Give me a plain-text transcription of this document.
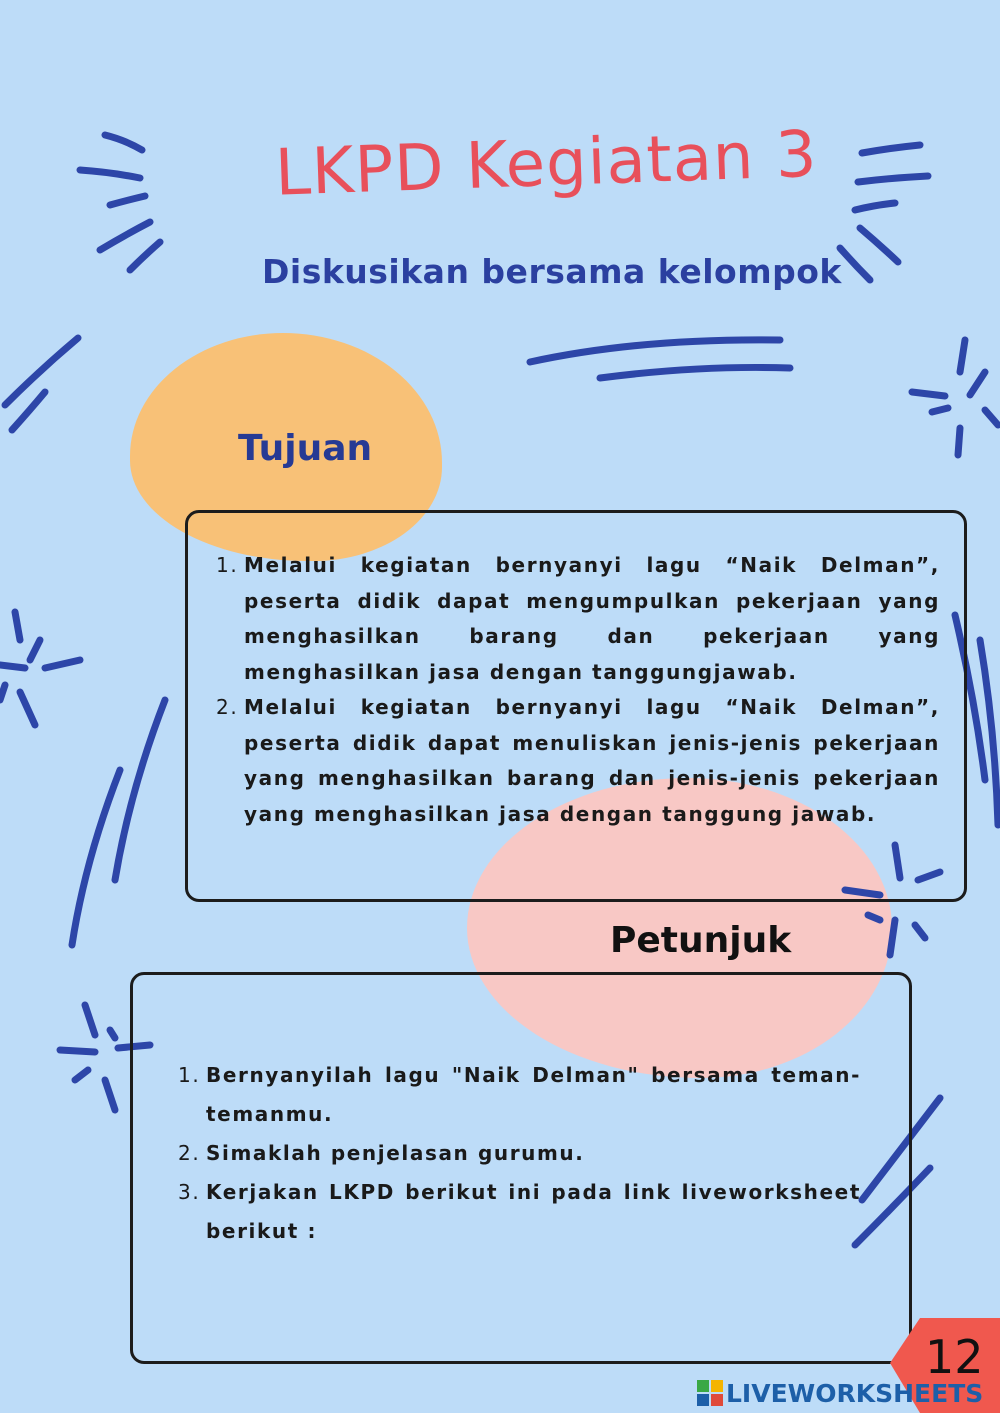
LKPD Kegiatan 3
Diskusikan bersama kelompok
Tujuan
1. Melalui kegiatan bernyanyi lagu “Naik Delman”, peserta didik dapat mengumpulkan pekerjaan yang menghasilkan barang dan pekerjaan yang menghasilkan jasa dengan tanggungjawab.
2. Melalui kegiatan bernyanyi lagu “Naik Delman”, peserta didik dapat menuliskan jenis-jenis pekerjaan yang menghasilkan barang dan jenis-jenis pekerjaan yang menghasilkan jasa dengan tanggung jawab.
Petunjuk
1. Bernyanyilah lagu "Naik Delman" bersama teman-temanmu.
2. Simaklah penjelasan gurumu.
3. Kerjakan LKPD berikut ini pada link liveworksheet berikut :
12
LIVEWORKSHEETS
